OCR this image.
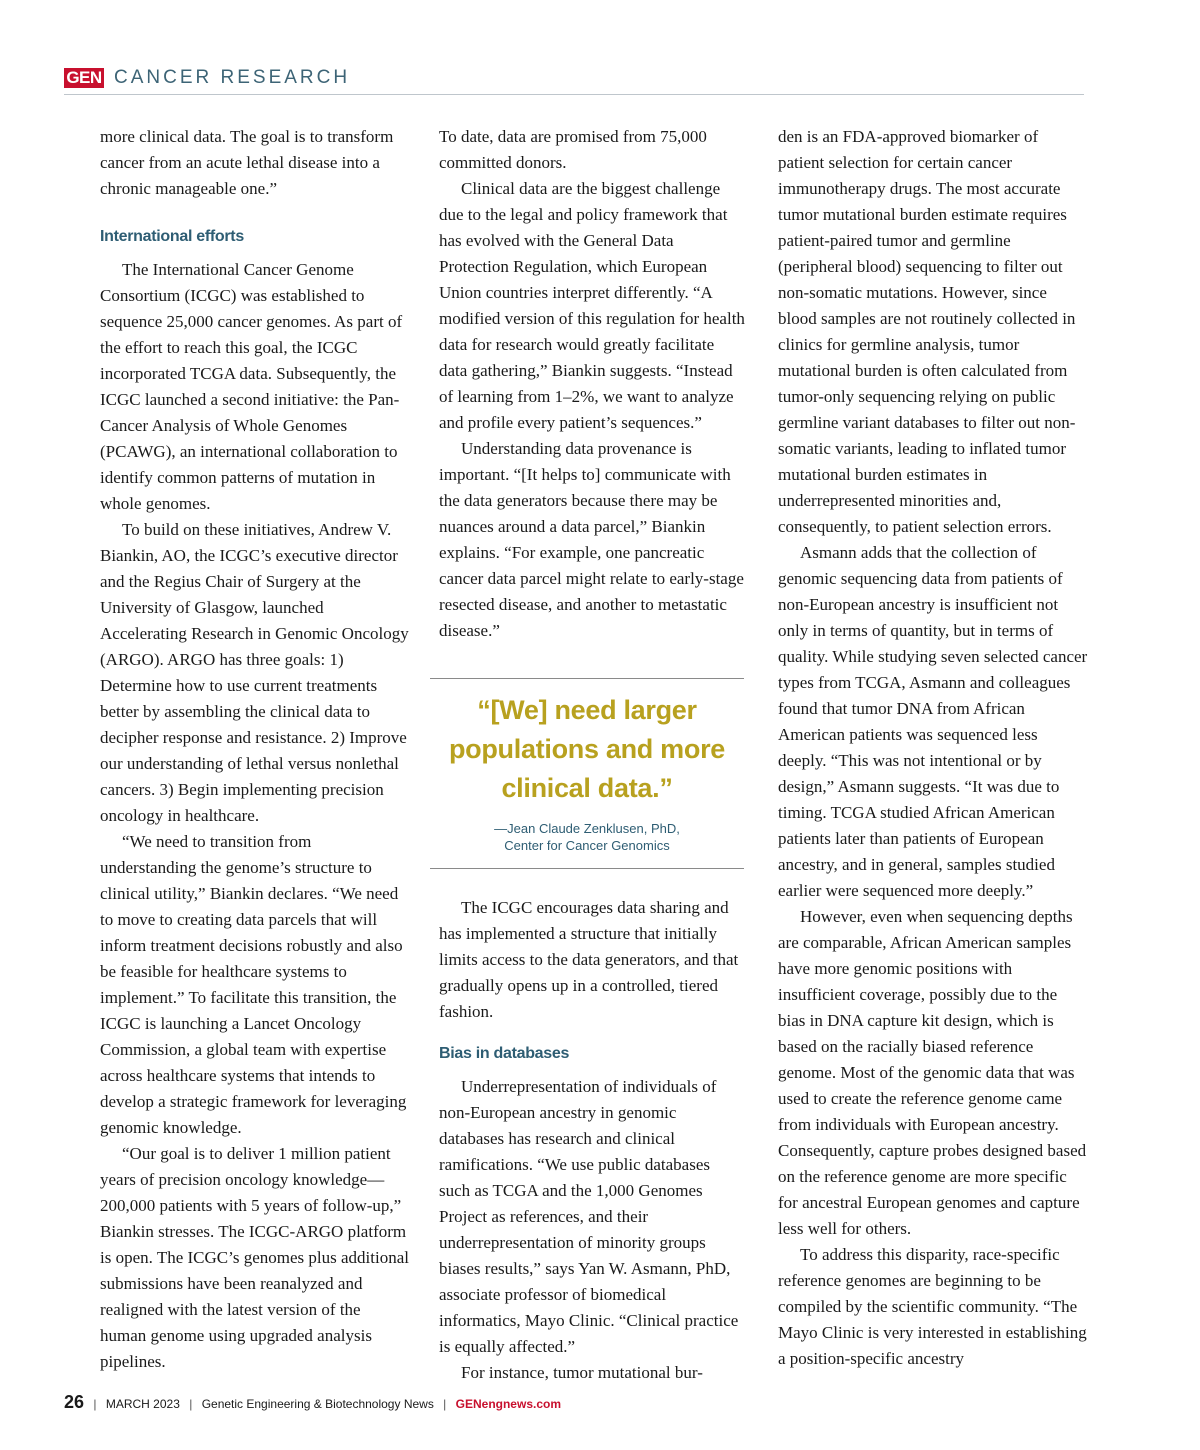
GEN CANCER RESEARCH

more clinical data. The goal is to transform cancer from an acute lethal disease into a chronic manageable one.”

International efforts

The International Cancer Genome Consortium (ICGC) was established to sequence 25,000 cancer genomes. As part of the effort to reach this goal, the ICGC incorporated TCGA data. Subsequently, the ICGC launched a second initiative: the Pan-Cancer Analysis of Whole Genomes (PCAWG), an international collaboration to identify common patterns of mutation in whole genomes.

To build on these initiatives, Andrew V. Biankin, AO, the ICGC’s executive director and the Regius Chair of Surgery at the University of Glasgow, launched Accelerating Research in Genomic Oncology (ARGO). ARGO has three goals: 1) Determine how to use current treatments better by assembling the clinical data to decipher response and resistance. 2) Improve our understanding of lethal versus nonlethal cancers. 3) Begin implementing precision oncology in healthcare.

“We need to transition from understanding the genome’s structure to clinical utility,” Biankin declares. “We need to move to creating data parcels that will inform treatment decisions robustly and also be feasible for healthcare systems to implement.” To facilitate this transition, the ICGC is launching a Lancet Oncology Commission, a global team with expertise across healthcare systems that intends to develop a strategic framework for leveraging genomic knowledge.

“Our goal is to deliver 1 million patient years of precision oncology knowledge—200,000 patients with 5 years of follow-up,” Biankin stresses. The ICGC-ARGO platform is open. The ICGC’s genomes plus additional submissions have been reanalyzed and realigned with the latest version of the human genome using upgraded analysis pipelines.

To date, data are promised from 75,000 committed donors.

Clinical data are the biggest challenge due to the legal and policy framework that has evolved with the General Data Protection Regulation, which European Union countries interpret differently. “A modified version of this regulation for health data for research would greatly facilitate data gathering,” Biankin suggests. “Instead of learning from 1–2%, we want to analyze and profile every patient’s sequences.”

Understanding data provenance is important. “[It helps to] communicate with the data generators because there may be nuances around a data parcel,” Biankin explains. “For example, one pancreatic cancer data parcel might relate to early-stage resected disease, and another to metastatic disease.”

“[We] need larger populations and more clinical data.”
—Jean Claude Zenklusen, PhD,
Center for Cancer Genomics

The ICGC encourages data sharing and has implemented a structure that initially limits access to the data generators, and that gradually opens up in a controlled, tiered fashion.

Bias in databases

Underrepresentation of individuals of non-European ancestry in genomic databases has research and clinical ramifications. “We use public databases such as TCGA and the 1,000 Genomes Project as references, and their underrepresentation of minority groups biases results,” says Yan W. Asmann, PhD, associate professor of biomedical informatics, Mayo Clinic. “Clinical practice is equally affected.”

For instance, tumor mutational bur-

den is an FDA-approved biomarker of patient selection for certain cancer immunotherapy drugs. The most accurate tumor mutational burden estimate requires patient-paired tumor and germline (peripheral blood) sequencing to filter out non-somatic mutations. However, since blood samples are not routinely collected in clinics for germline analysis, tumor mutational burden is often calculated from tumor-only sequencing relying on public germline variant databases to filter out non-somatic variants, leading to inflated tumor mutational burden estimates in underrepresented minorities and, consequently, to patient selection errors.

Asmann adds that the collection of genomic sequencing data from patients of non-European ancestry is insufficient not only in terms of quantity, but in terms of quality. While studying seven selected cancer types from TCGA, Asmann and colleagues found that tumor DNA from African American patients was sequenced less deeply. “This was not intentional or by design,” Asmann suggests. “It was due to timing. TCGA studied African American patients later than patients of European ancestry, and in general, samples studied earlier were sequenced more deeply.”

However, even when sequencing depths are comparable, African American samples have more genomic positions with insufficient coverage, possibly due to the bias in DNA capture kit design, which is based on the racially biased reference genome. Most of the genomic data that was used to create the reference genome came from individuals with European ancestry. Consequently, capture probes designed based on the reference genome are more specific for ancestral European genomes and capture less well for others.

To address this disparity, race-specific reference genomes are beginning to be compiled by the scientific community. “The Mayo Clinic is very interested in establishing a position-specific ancestry

26 | MARCH 2023 | Genetic Engineering & Biotechnology News | GENengnews.com
